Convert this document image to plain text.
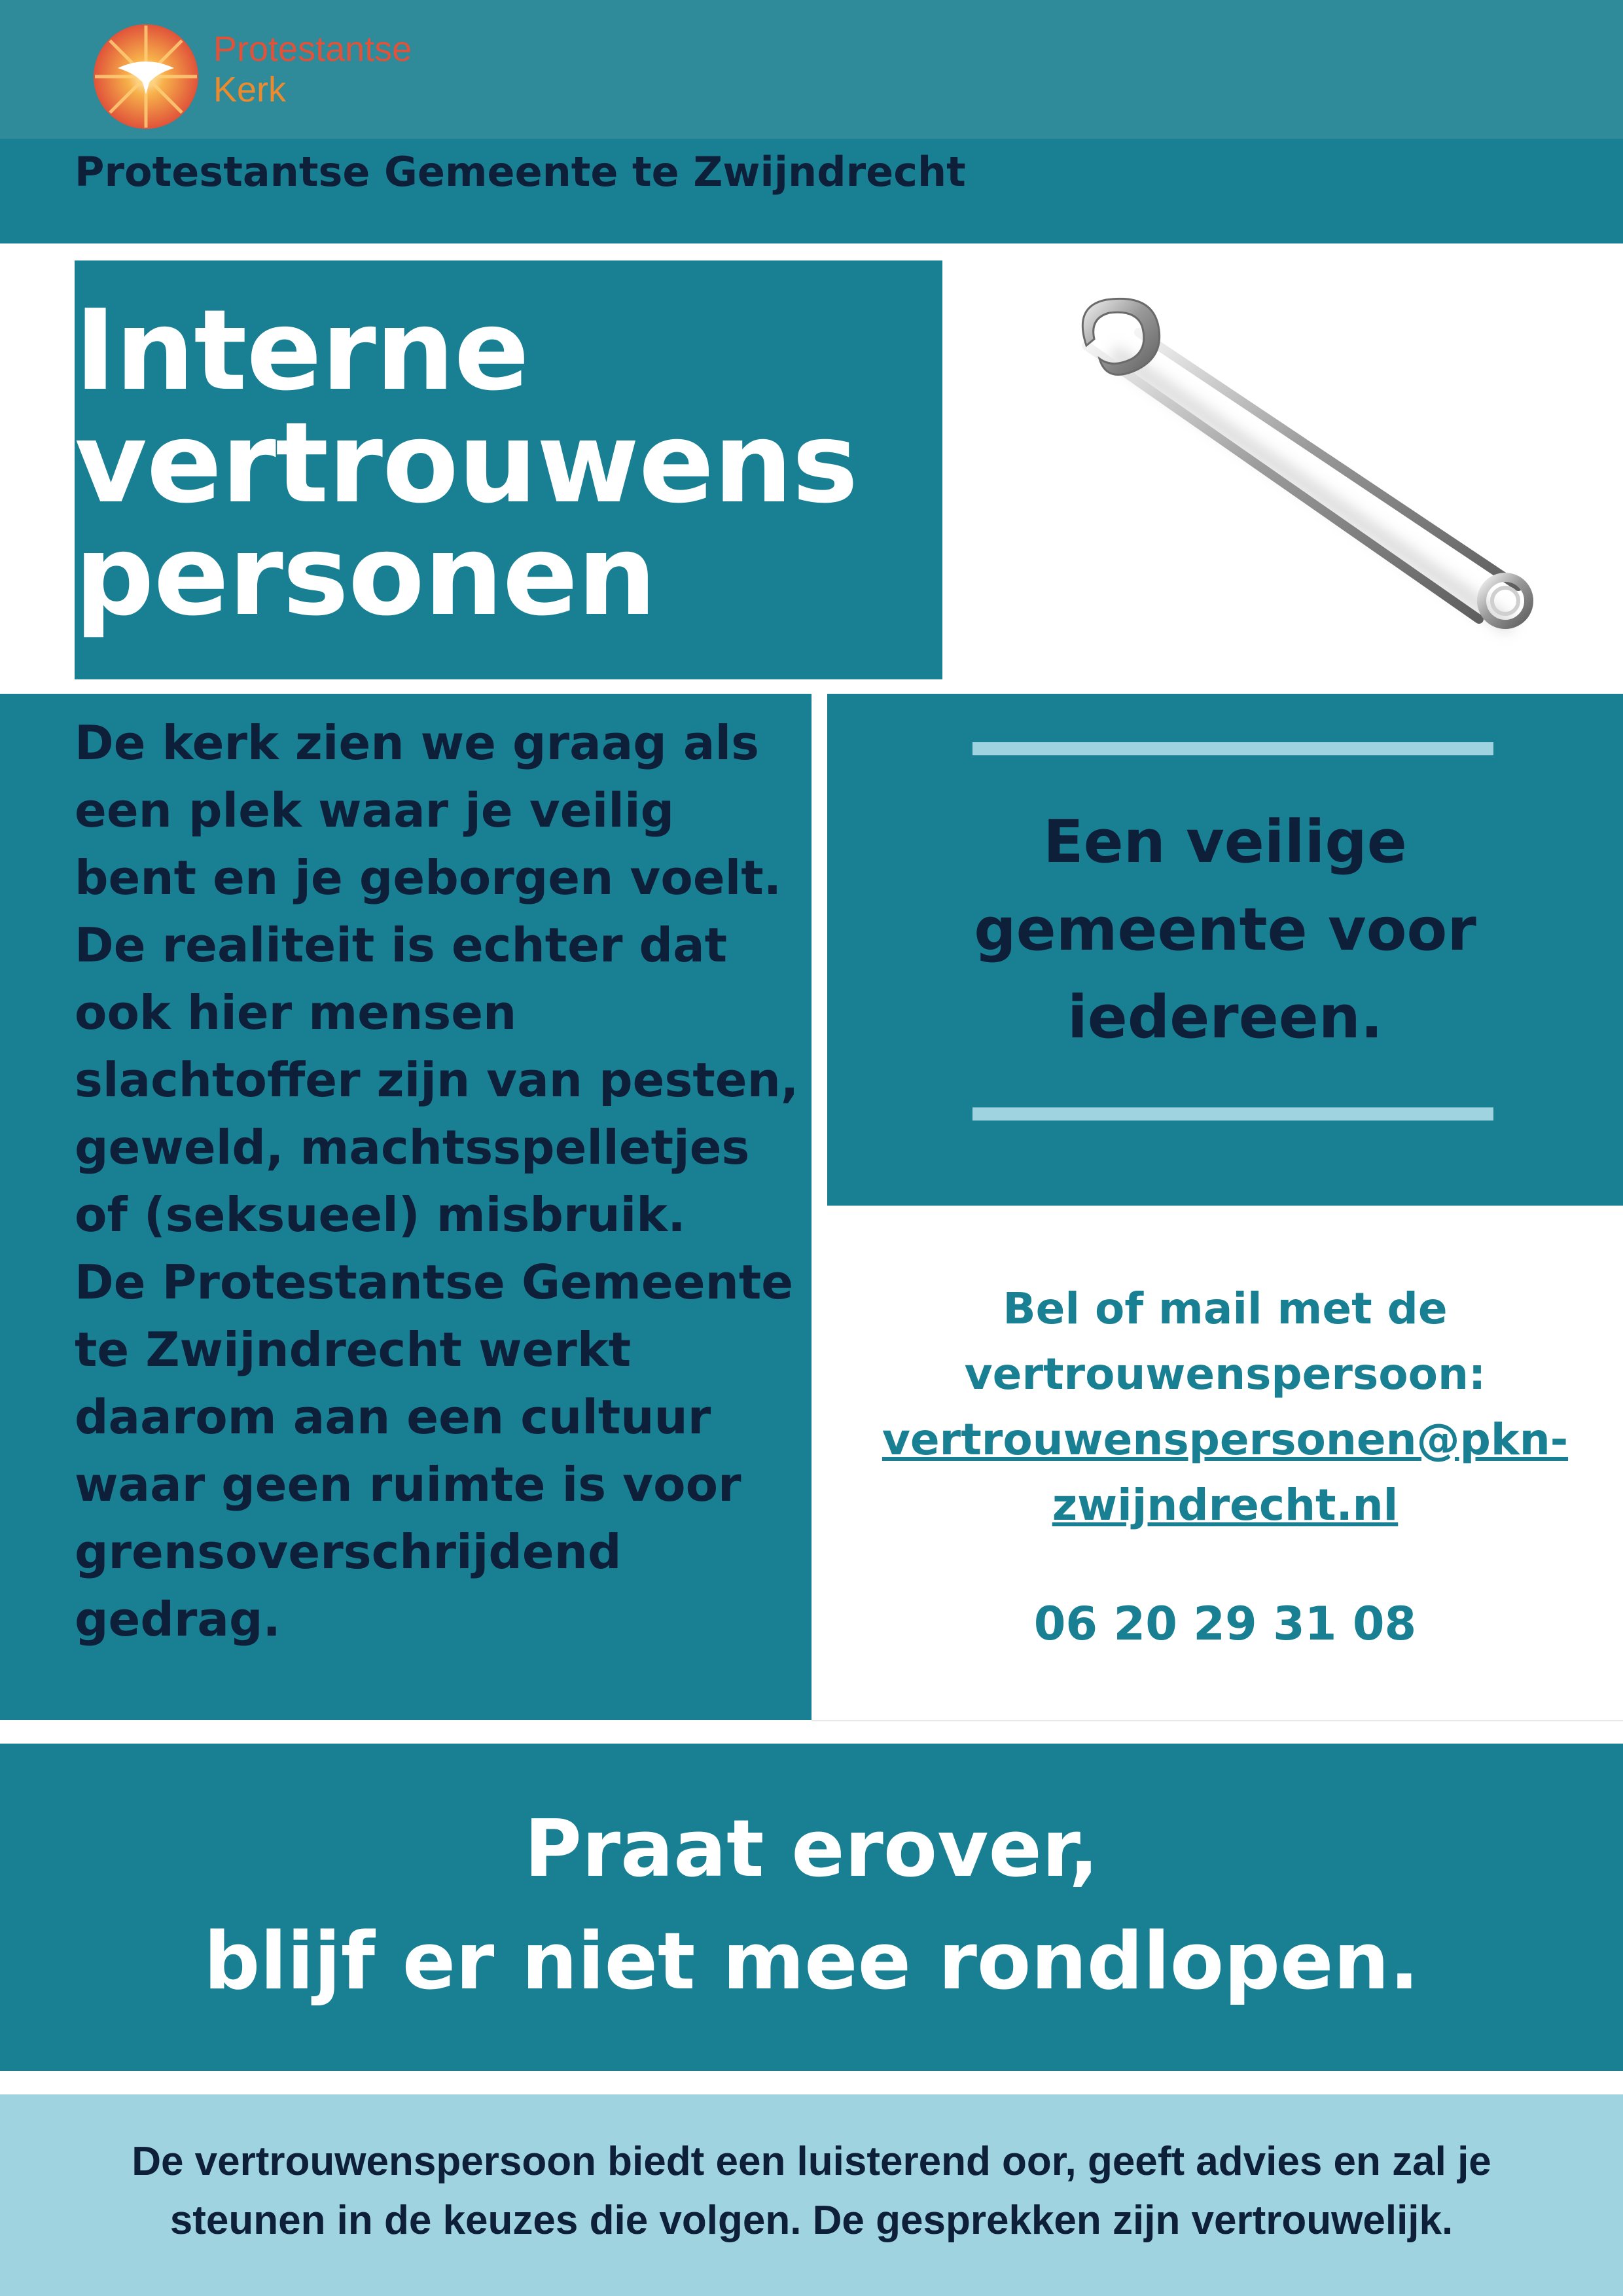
Protestantse
Kerk
Protestantse Gemeente te Zwijndrecht
Interne
vertrouwens
personen
De kerk zien we graag als
een plek waar je veilig
bent en je geborgen voelt.
De realiteit is echter dat
ook hier mensen
slachtoffer zijn van pesten,
geweld, machtsspelletjes
of (seksueel) misbruik.
De Protestantse Gemeente
te Zwijndrecht werkt
daarom aan een cultuur
waar geen ruimte is voor
grensoverschrijdend
gedrag.
Een veilige
gemeente voor
iedereen.
Bel of mail met de
vertrouwenspersoon:
vertrouwenspersonen@pkn-
zwijndrecht.nl
06 20 29 31 08
Praat erover,
blijf er niet mee rondlopen.
De vertrouwenspersoon biedt een luisterend oor, geeft advies en zal je
steunen in de keuzes die volgen. De gesprekken zijn vertrouwelijk.
